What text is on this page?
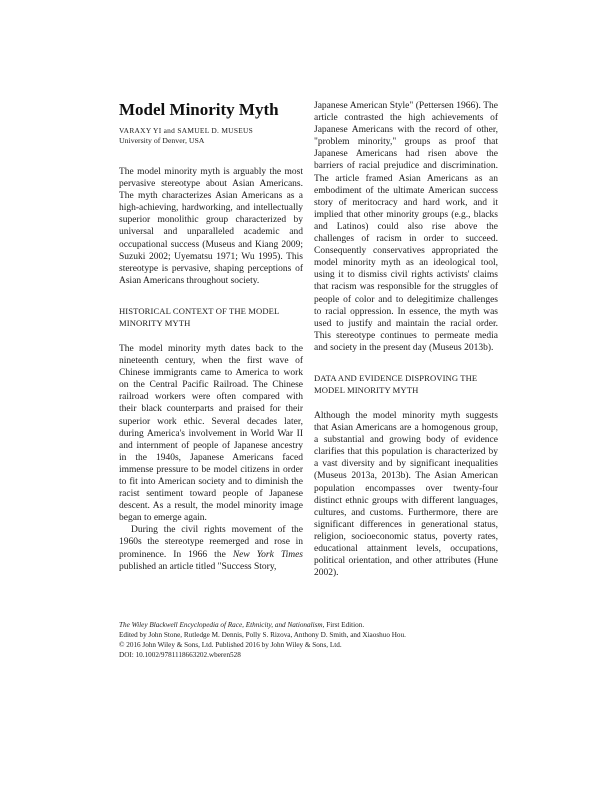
Model Minority Myth

VARAXY YI and SAMUEL D. MUSEUS

University of Denver, USA

The model minority myth is arguably the most pervasive stereotype about Asian Americans. The myth characterizes Asian Americans as a high-achieving, hardworking, and intellectually superior monolithic group characterized by universal and unparalleled academic and occupational success (Museus and Kiang 2009; Suzuki 2002; Uyematsu 1971; Wu 1995). This stereotype is pervasive, shaping perceptions of Asian Americans throughout society.

HISTORICAL CONTEXT OF THE MODEL MINORITY MYTH

The model minority myth dates back to the nineteenth century, when the first wave of Chinese immigrants came to America to work on the Central Pacific Railroad. The Chinese railroad workers were often compared with their black counterparts and praised for their superior work ethic. Several decades later, during America's involvement in World War II and internment of people of Japanese ancestry in the 1940s, Japanese Americans faced immense pressure to be model citizens in order to fit into American society and to diminish the racist sentiment toward people of Japanese descent. As a result, the model minority image began to emerge again.

During the civil rights movement of the 1960s the stereotype reemerged and rose in prominence. In 1966 the New York Times published an article titled "Success Story,

Japanese American Style" (Pettersen 1966). The article contrasted the high achievements of Japanese Americans with the record of other, "problem minority," groups as proof that Japanese Americans had risen above the barriers of racial prejudice and discrimination. The article framed Asian Americans as an embodiment of the ultimate American success story of meritocracy and hard work, and it implied that other minority groups (e.g., blacks and Latinos) could also rise above the challenges of racism in order to succeed. Consequently conservatives appropriated the model minority myth as an ideological tool, using it to dismiss civil rights activists' claims that racism was responsible for the struggles of people of color and to delegitimize challenges to racial oppression. In essence, the myth was used to justify and maintain the racial order. This stereotype continues to permeate media and society in the present day (Museus 2013b).

DATA AND EVIDENCE DISPROVING THE MODEL MINORITY MYTH

Although the model minority myth suggests that Asian Americans are a homogenous group, a substantial and growing body of evidence clarifies that this population is characterized by a vast diversity and by significant inequalities (Museus 2013a, 2013b). The Asian American population encompasses over twenty-four distinct ethnic groups with different languages, cultures, and customs. Furthermore, there are significant differences in generational status, religion, socioeconomic status, poverty rates, educational attainment levels, occupations, political orientation, and other attributes (Hune 2002).

The Wiley Blackwell Encyclopedia of Race, Ethnicity, and Nationalism, First Edition.
Edited by John Stone, Rutledge M. Dennis, Polly S. Rizova, Anthony D. Smith, and Xiaoshuo Hou.
© 2016 John Wiley & Sons, Ltd. Published 2016 by John Wiley & Sons, Ltd.
DOI: 10.1002/9781118663202.wberen528
